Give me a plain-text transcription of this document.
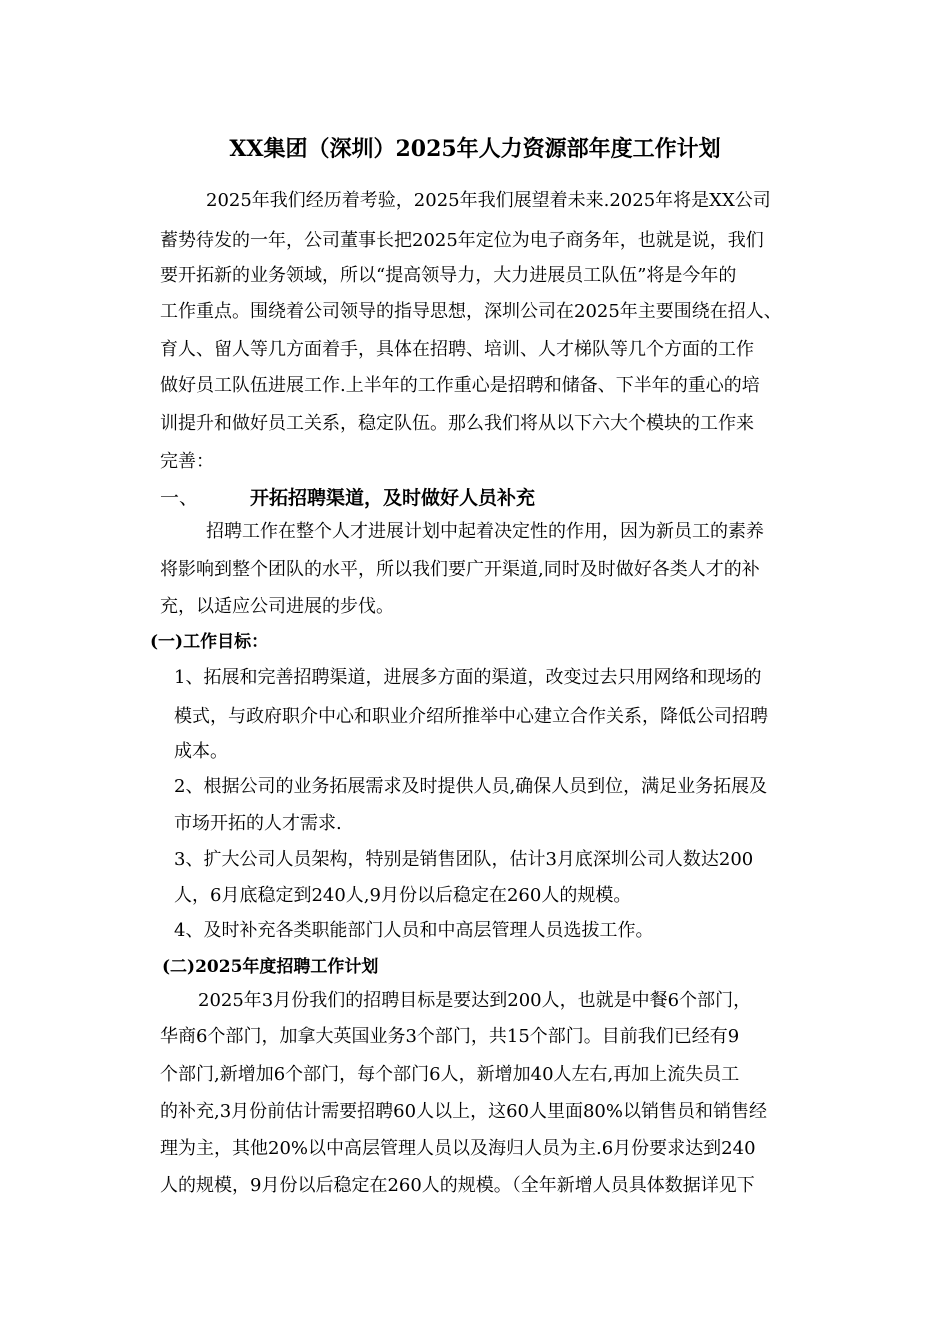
XX集团（深圳）2025年人力资源部年度工作计划
2025年我们经历着考验，2025年我们展望着未来.2025年将是XX公司
蓄势待发的一年，公司董事长把2025年定位为电子商务年，也就是说，我们
要开拓新的业务领域，所以“提高领导力，大力进展员工队伍”将是今年的
工作重点。围绕着公司领导的指导思想，深圳公司在2025年主要围绕在招人、
育人、留人等几方面着手，具体在招聘、培训、人才梯队等几个方面的工作
做好员工队伍进展工作.上半年的工作重心是招聘和储备、下半年的重心的培
训提升和做好员工关系，稳定队伍。那么我们将从以下六大个模块的工作来
完善：
一、	开拓招聘渠道，及时做好人员补充
招聘工作在整个人才进展计划中起着决定性的作用，因为新员工的素养
将影响到整个团队的水平，所以我们要广开渠道,同时及时做好各类人才的补
充，以适应公司进展的步伐。
(一)工作目标：
1、拓展和完善招聘渠道，进展多方面的渠道，改变过去只用网络和现场的
模式，与政府职介中心和职业介绍所推举中心建立合作关系，降低公司招聘
成本。
2、根据公司的业务拓展需求及时提供人员,确保人员到位，满足业务拓展及
市场开拓的人才需求.
3、扩大公司人员架构，特别是销售团队，估计3月底深圳公司人数达200
人，6月底稳定到240人,9月份以后稳定在260人的规模。
4、及时补充各类职能部门人员和中高层管理人员选拔工作。
(二)2025年度招聘工作计划
2025年3月份我们的招聘目标是要达到200人，也就是中餐6个部门，
华商6个部门，加拿大英国业务3个部门，共15个部门。目前我们已经有9
个部门,新增加6个部门，每个部门6人，新增加40人左右,再加上流失员工
的补充,3月份前估计需要招聘60人以上，这60人里面80%以销售员和销售经
理为主，其他20%以中高层管理人员以及海归人员为主.6月份要求达到240
人的规模，9月份以后稳定在260人的规模。（全年新增人员具体数据详见下
